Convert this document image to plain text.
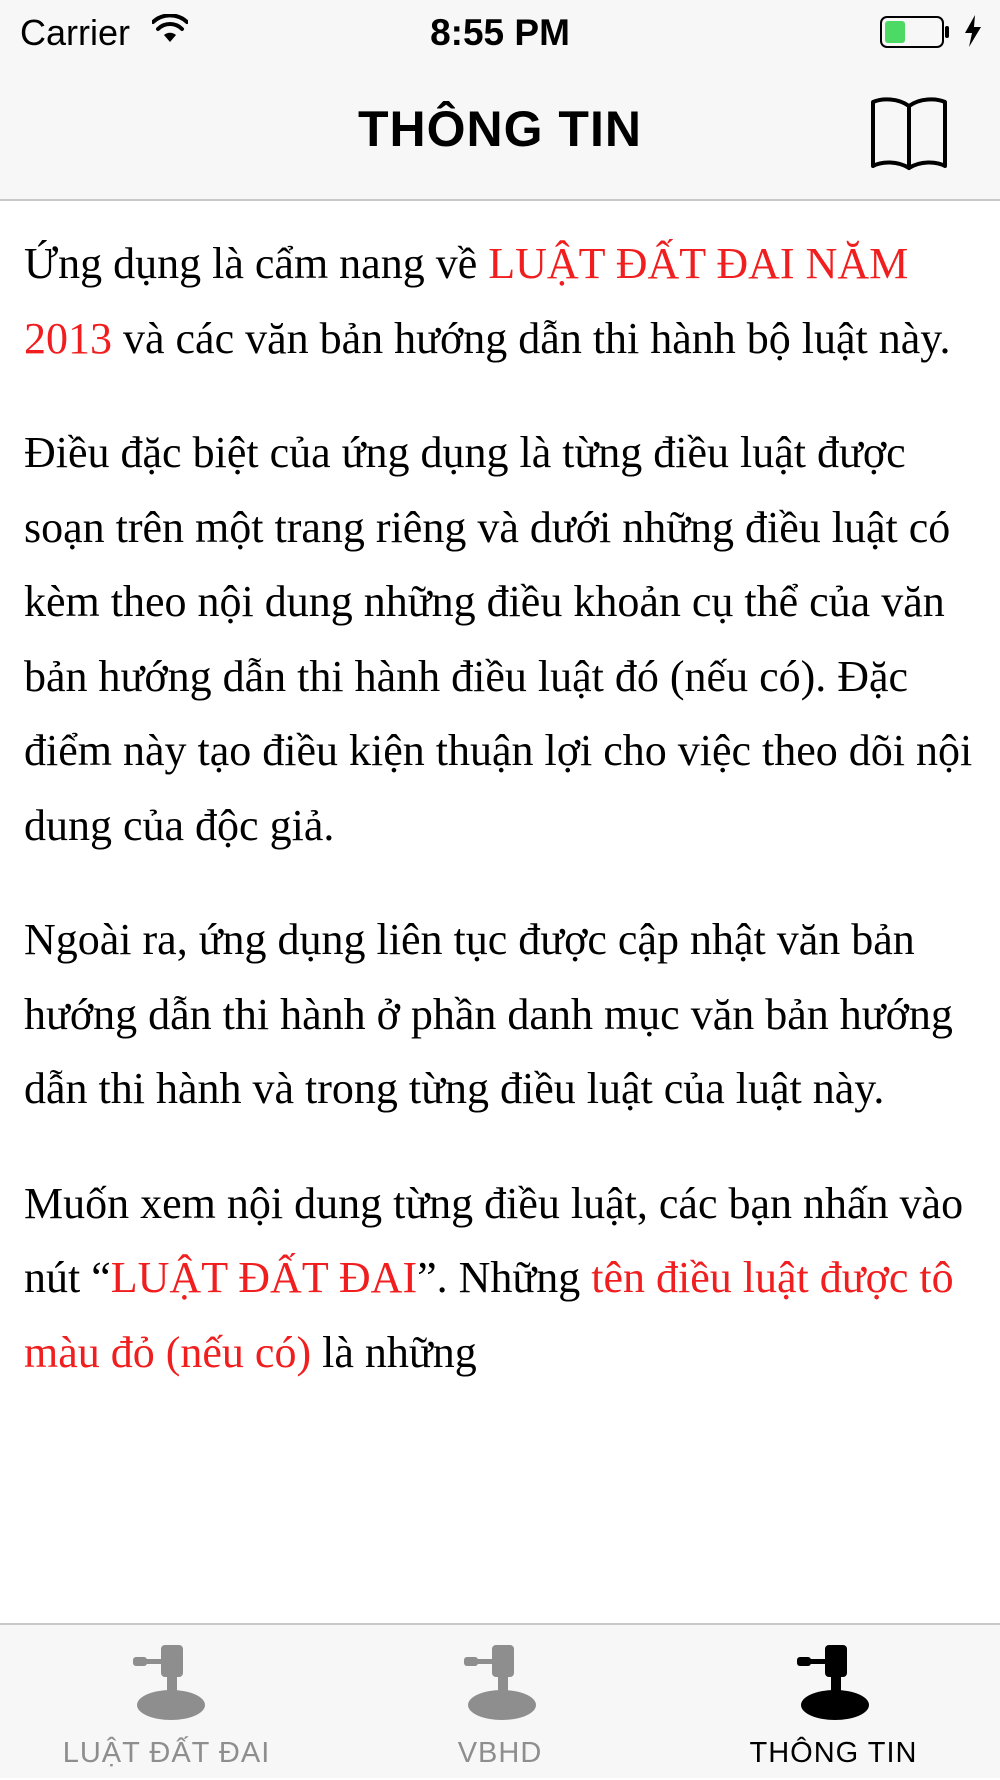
Carrier	8:55 PM
THÔNG TIN

Ứng dụng là cẩm nang về LUẬT ĐẤT ĐAI NĂM 2013 và các văn bản hướng dẫn thi hành bộ luật này.

Điều đặc biệt của ứng dụng là từng điều luật được soạn trên một trang riêng và dưới những điều luật có kèm theo nội dung những điều khoản cụ thể của văn bản hướng dẫn thi hành điều luật đó (nếu có). Đặc điểm này tạo điều kiện thuận lợi cho việc theo dõi nội dung của độc giả.

Ngoài ra, ứng dụng liên tục được cập nhật văn bản hướng dẫn thi hành ở phần danh mục văn bản hướng dẫn thi hành và trong từng điều luật của luật này.

Muốn xem nội dung từng điều luật, các bạn nhấn vào nút “LUẬT ĐẤT ĐAI”. Những tên điều luật được tô màu đỏ (nếu có) là những

LUẬT ĐẤT ĐAI	VBHD	THÔNG TIN
